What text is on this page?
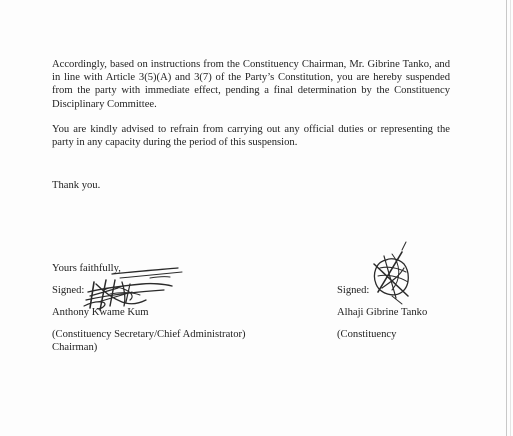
Accordingly, based on instructions from the Constituency Chairman, Mr. Gibrine Tanko, and in line with Article 3(5)(A) and 3(7) of the Party’s Constitution, you are hereby suspended from the party with immediate effect, pending a final determination by the Constituency Disciplinary Committee.

You are kindly advised to refrain from carrying out any official duties or representing the party in any capacity during the period of this suspension.

Thank you.

Yours faithfully,

Signed:

Anthony Kwame Kum

(Constituency Secretary/Chief Administrator)

Chairman)

Signed:

Alhaji Gibrine Tanko

(Constituency
